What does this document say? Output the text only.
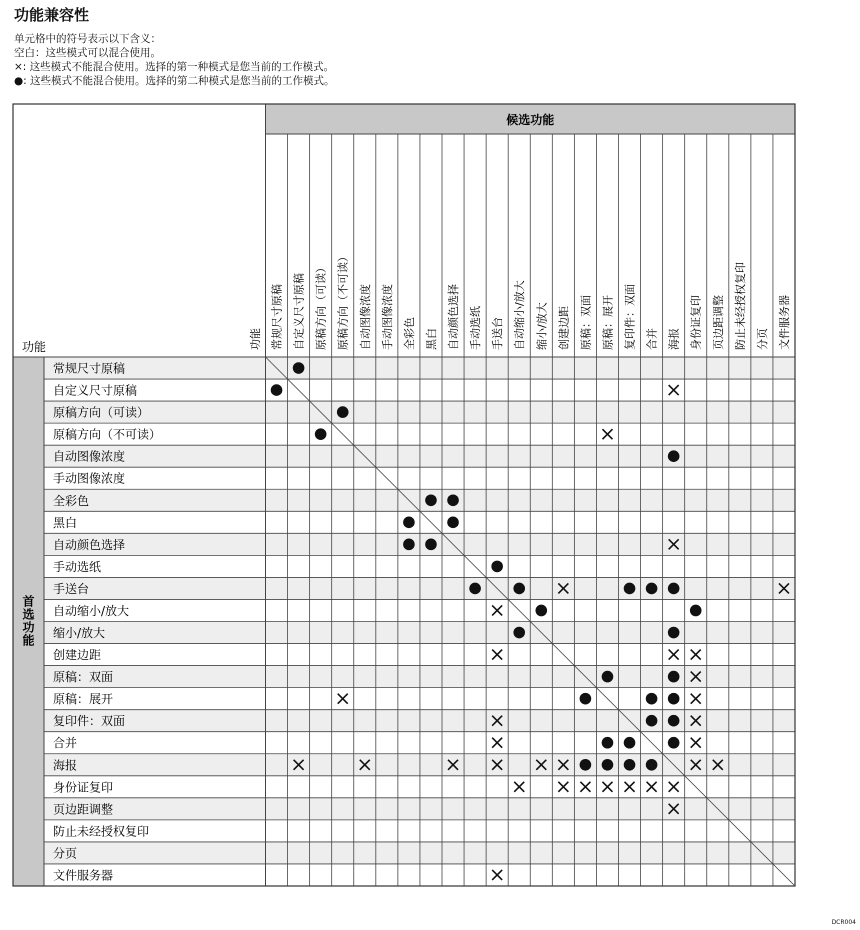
功能兼容性
单元格中的符号表示以下含义：
空白：这些模式可以混合使用。
×: 这些模式不能混合使用。选择的第一种模式是您当前的工作模式。
●: 这些模式不能混合使用。选择的第二种模式是您当前的工作模式。
候选功能
功能	功能 常规尺寸原稿 自定义尺寸原稿 原稿方向（可读） 原稿方向（不可读） 自动图像浓度 手动图像浓度 全彩色 黑白 自动颜色选择 手动选纸 手送台 自动缩小/放大 缩小/放大 创建边距 原稿：双面 原稿：展开 复印件：双面 合并 海报 身份证复印 页边距调整 防止未经授权复印 分页 文件服务器
首
选
功
能
常规尺寸原稿
自定义尺寸原稿
原稿方向（可读）
原稿方向（不可读）
自动图像浓度
手动图像浓度
全彩色
黑白
自动颜色选择
手动选纸
手送台
自动缩小/放大
缩小/放大
创建边距
原稿：双面
原稿：展开
复印件：双面
合并
海报
身份证复印
页边距调整
防止未经授权复印
分页
文件服务器
DCR004
